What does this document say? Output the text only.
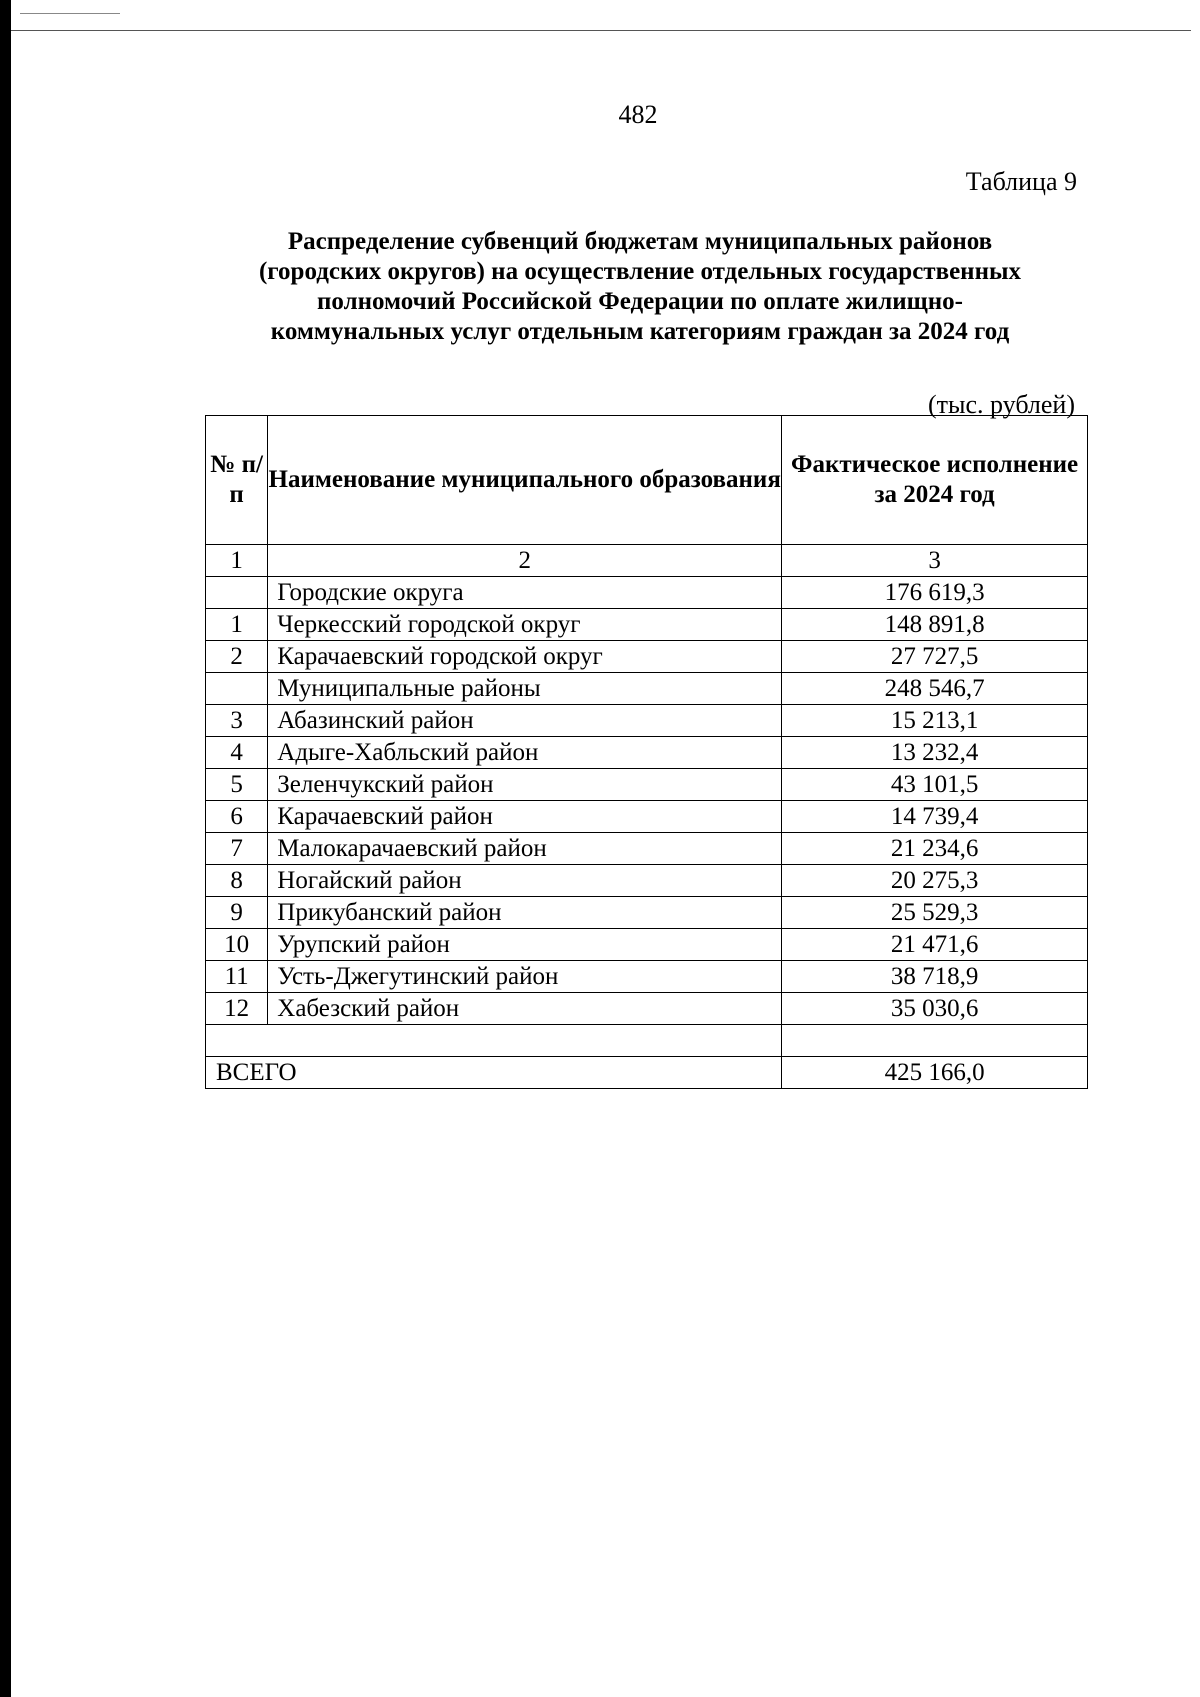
482
Таблица 9
Распределение субвенций бюджетам муниципальных районов
(городских округов) на осуществление отдельных государственных
полномочий Российской Федерации по оплате жилищно-
коммунальных услуг отдельным категориям граждан за 2024 год
(тыс. рублей)
№ п/п	Наименование муниципального образования	Фактическое исполнение за 2024 год
1	2	3
	Городские округа	176 619,3
1	Черкесский городской округ	148 891,8
2	Карачаевский городской округ	27 727,5
	Муниципальные районы	248 546,7
3	Абазинский район	15 213,1
4	Адыге-Хабльский район	13 232,4
5	Зеленчукский район	43 101,5
6	Карачаевский район	14 739,4
7	Малокарачаевский район	21 234,6
8	Ногайский район	20 275,3
9	Прикубанский район	25 529,3
10	Урупский район	21 471,6
11	Усть-Джегутинский район	38 718,9
12	Хабезский район	35 030,6

ВСЕГО		425 166,0
